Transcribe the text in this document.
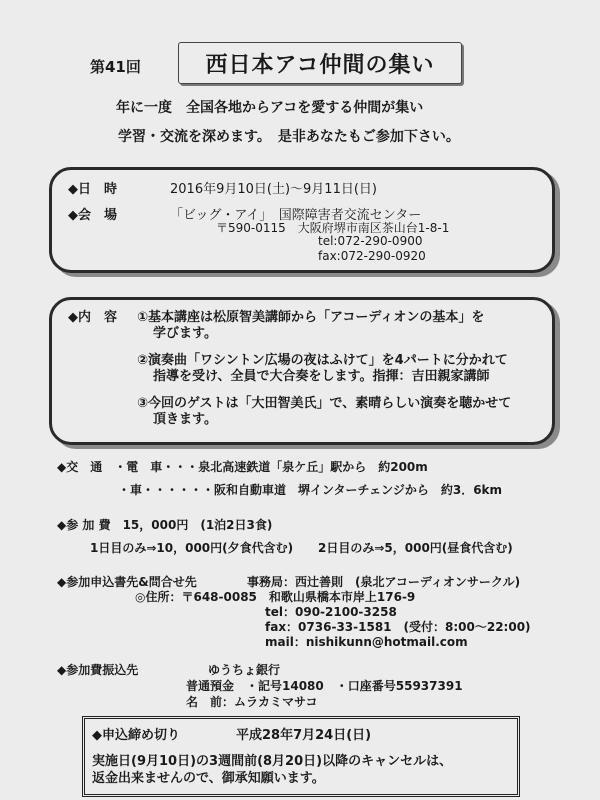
第41回	西日本アコ仲間の集い
年に一度　全国各地からアコを愛する仲間が集い
学習・交流を深めます。　是非あなたもご参加下さい。
◆日　時	2016年9月10日(土)～9月11日(日)
◆会　場	「ビッグ・アイ」　国際障害者交流センター
〒590-0115　大阪府堺市南区茶山台1-8-1
tel:072-290-0900
fax:072-290-0920
◆内　容 ①基本講座は松原智美講師から「アコーディオンの基本」を
学びます。
②演奏曲「ワシントン広場の夜はふけて」を4パートに分かれて
指導を受け、全員で大合奏をします。指揮：吉田親家講師
③今回のゲストは「大田智美氏」で、素晴らしい演奏を聴かせて
頂きます。
◆交　通　・電　車・・・泉北高速鉄道「泉ケ丘」駅から　約200m
・車・・・・・・阪和自動車道　堺インターチェンジから　約3．6km
◆参 加 費　15，000円　(1泊2日3食)
1日目のみ⇒10，000円(夕食代含む) 2日目のみ⇒5，000円(昼食代含む)
◆参加申込書先&問合せ先	事務局：西辻善則　(泉北アコーディオンサークル)
◎住所：〒648-0085　和歌山県橋本市岸上176-9
tel：090-2100-3258
fax：0736-33-1581　(受付：8:00～22:00)
mail：nishikunn@hotmail.com
◆参加費振込先	ゆうちょ銀行
普通預金　・記号14080　・口座番号55937391
名　前：ムラカミマサコ
◆申込締め切り	平成28年7月24日(日)
実施日(9月10日)の3週間前(8月20日)以降のキャンセルは、
返金出来ませんので、御承知願います。
